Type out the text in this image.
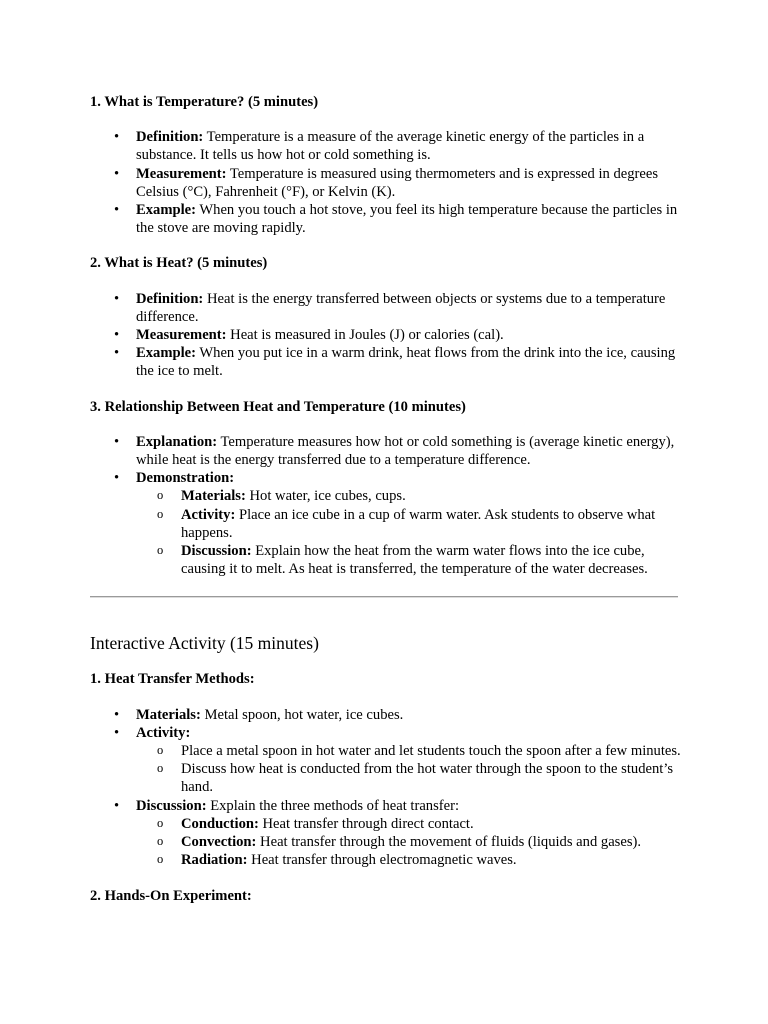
1. What is Temperature? (5 minutes)
• Definition: Temperature is a measure of the average kinetic energy of the particles in a substance. It tells us how hot or cold something is.
• Measurement: Temperature is measured using thermometers and is expressed in degrees Celsius (°C), Fahrenheit (°F), or Kelvin (K).
• Example: When you touch a hot stove, you feel its high temperature because the particles in the stove are moving rapidly.
2. What is Heat? (5 minutes)
• Definition: Heat is the energy transferred between objects or systems due to a temperature difference.
• Measurement: Heat is measured in Joules (J) or calories (cal).
• Example: When you put ice in a warm drink, heat flows from the drink into the ice, causing the ice to melt.
3. Relationship Between Heat and Temperature (10 minutes)
• Explanation: Temperature measures how hot or cold something is (average kinetic energy), while heat is the energy transferred due to a temperature difference.
• Demonstration:
o Materials: Hot water, ice cubes, cups.
o Activity: Place an ice cube in a cup of warm water. Ask students to observe what happens.
o Discussion: Explain how the heat from the warm water flows into the ice cube, causing it to melt. As heat is transferred, the temperature of the water decreases.
Interactive Activity (15 minutes)
1. Heat Transfer Methods:
• Materials: Metal spoon, hot water, ice cubes.
• Activity:
o Place a metal spoon in hot water and let students touch the spoon after a few minutes.
o Discuss how heat is conducted from the hot water through the spoon to the student’s hand.
• Discussion: Explain the three methods of heat transfer:
o Conduction: Heat transfer through direct contact.
o Convection: Heat transfer through the movement of fluids (liquids and gases).
o Radiation: Heat transfer through electromagnetic waves.
2. Hands-On Experiment:
